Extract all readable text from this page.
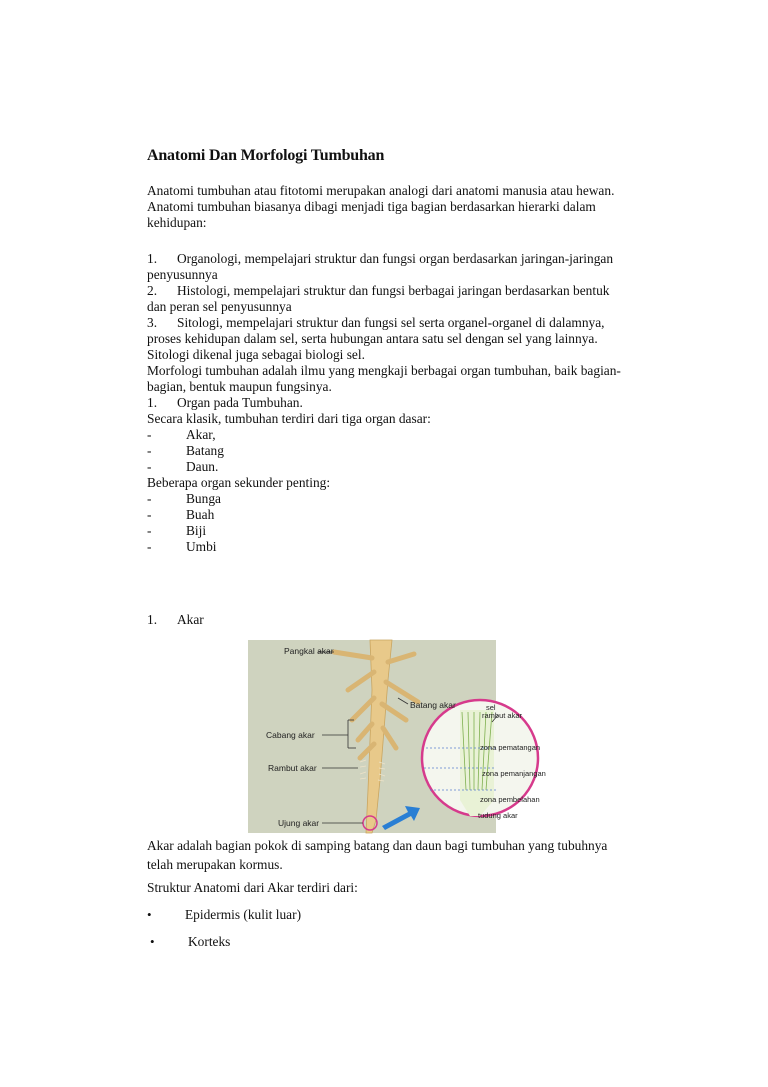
Anatomi Dan Morfologi Tumbuhan
Anatomi tumbuhan atau fitotomi merupakan analogi dari anatomi manusia atau hewan.
Anatomi tumbuhan biasanya dibagi menjadi tiga bagian berdasarkan hierarki dalam
kehidupan:
1. Organologi, mempelajari struktur dan fungsi organ berdasarkan jaringan-jaringan
penyusunnya
2. Histologi, mempelajari struktur dan fungsi berbagai jaringan berdasarkan bentuk
dan peran sel penyusunnya
3. Sitologi, mempelajari struktur dan fungsi sel serta organel-organel di dalamnya,
proses kehidupan dalam sel, serta hubungan antara satu sel dengan sel yang lainnya.
Sitologi dikenal juga sebagai biologi sel.
Morfologi tumbuhan adalah ilmu yang mengkaji berbagai organ tumbuhan, baik bagian-
bagian, bentuk maupun fungsinya.
1. Organ pada Tumbuhan.
Secara klasik, tumbuhan terdiri dari tiga organ dasar:
-	Akar,
-	Batang
-	Daun.
Beberapa organ sekunder penting:
-	Bunga
-	Buah
-	Biji
-	Umbi
1. Akar
Pangkal akar
Batang akar
Cabang akar
Rambut akar
Ujung akar
sel
rambut akar
zona pematangan
zona pemanjangan
zona pembelahan
tudung akar
Akar adalah bagian pokok di samping batang dan daun bagi tumbuhan yang tubuhnya
telah merupakan kormus.
Struktur Anatomi dari Akar terdiri dari:
• Epidermis (kulit luar)
• Korteks
